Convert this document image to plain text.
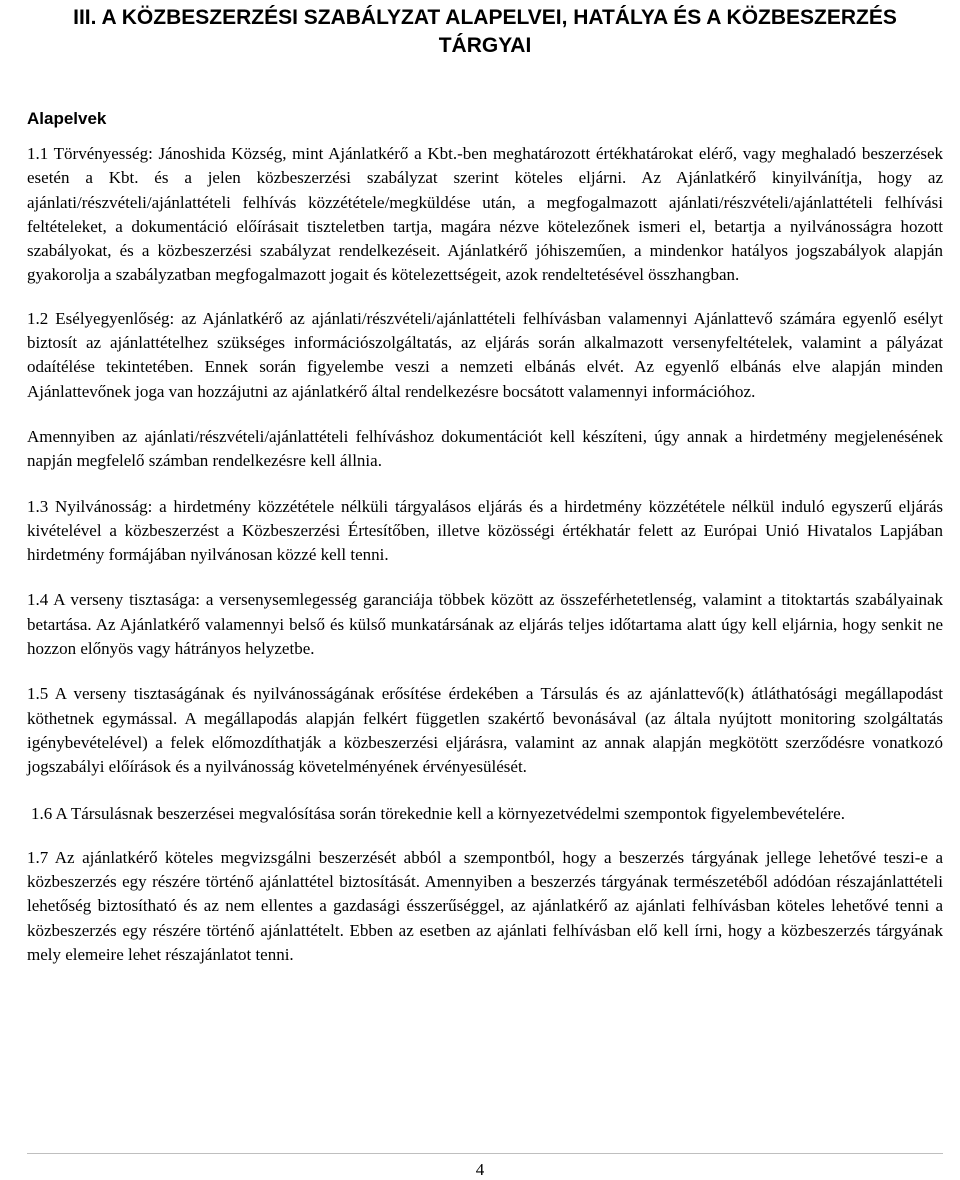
III. A KÖZBESZERZÉSI SZABÁLYZAT ALAPELVEI, HATÁLYA ÉS A KÖZBESZERZÉS TÁRGYAI
Alapelvek

1.1 Törvényesség: Jánoshida Község, mint Ajánlatkérő a Kbt.-ben meghatározott értékhatárokat elérő, vagy meghaladó beszerzések esetén a Kbt. és a jelen közbeszerzési szabályzat szerint köteles eljárni. Az Ajánlatkérő kinyilvánítja, hogy az ajánlati/részvételi/ajánlattételi felhívás közzététele/megküldése után, a megfogalmazott ajánlati/részvételi/ajánlattételi felhívási feltételeket, a dokumentáció előírásait tiszteletben tartja, magára nézve kötelezőnek ismeri el, betartja a nyilvánosságra hozott szabályokat, és a közbeszerzési szabályzat rendelkezéseit. Ajánlatkérő jóhiszeműen, a mindenkor hatályos jogszabályok alapján gyakorolja a szabályzatban megfogalmazott jogait és kötelezettségeit, azok rendeltetésével összhangban.

1.2 Esélyegyenlőség: az Ajánlatkérő az ajánlati/részvételi/ajánlattételi felhívásban valamennyi Ajánlattevő számára egyenlő esélyt biztosít az ajánlattételhez szükséges információszolgáltatás, az eljárás során alkalmazott versenyfeltételek, valamint a pályázat odaítélése tekintetében. Ennek során figyelembe veszi a nemzeti elbánás elvét. Az egyenlő elbánás elve alapján minden Ajánlattevőnek joga van hozzájutni az ajánlatkérő által rendelkezésre bocsátott valamennyi információhoz.

Amennyiben az ajánlati/részvételi/ajánlattételi felhíváshoz dokumentációt kell készíteni, úgy annak a hirdetmény megjelenésének napján megfelelő számban rendelkezésre kell állnia.

1.3 Nyilvánosság: a hirdetmény közzététele nélküli tárgyalásos eljárás és a hirdetmény közzététele nélkül induló egyszerű eljárás kivételével a közbeszerzést a Közbeszerzési Értesítőben, illetve közösségi értékhatár felett az Európai Unió Hivatalos Lapjában hirdetmény formájában nyilvánosan közzé kell tenni.

1.4 A verseny tisztasága: a versenysemlegesség garanciája többek között az összeférhetetlenség, valamint a titoktartás szabályainak betartása. Az Ajánlatkérő valamennyi belső és külső munkatársának az eljárás teljes időtartama alatt úgy kell eljárnia, hogy senkit ne hozzon előnyös vagy hátrányos helyzetbe.

1.5 A verseny tisztaságának és nyilvánosságának erősítése érdekében a Társulás és az ajánlattevő(k) átláthatósági megállapodást köthetnek egymással. A megállapodás alapján felkért független szakértő bevonásával (az általa nyújtott monitoring szolgáltatás igénybevételével) a felek előmozdíthatják a közbeszerzési eljárásra, valamint az annak alapján megkötött szerződésre vonatkozó jogszabályi előírások és a nyilvánosság követelményének érvényesülését.

1.6 A Társulásnak beszerzései megvalósítása során törekednie kell a környezetvédelmi szempontok figyelembevételére.

1.7 Az ajánlatkérő köteles megvizsgálni beszerzését abból a szempontból, hogy a beszerzés tárgyának jellege lehetővé teszi-e a közbeszerzés egy részére történő ajánlattétel biztosítását. Amennyiben a beszerzés tárgyának természetéből adódóan részajánlattételi lehetőség biztosítható és az nem ellentes a gazdasági ésszerűséggel, az ajánlatkérő az ajánlati felhívásban köteles lehetővé tenni a közbeszerzés egy részére történő ajánlattételt. Ebben az esetben az ajánlati felhívásban elő kell írni, hogy a közbeszerzés tárgyának mely elemeire lehet részajánlatot tenni.

4
